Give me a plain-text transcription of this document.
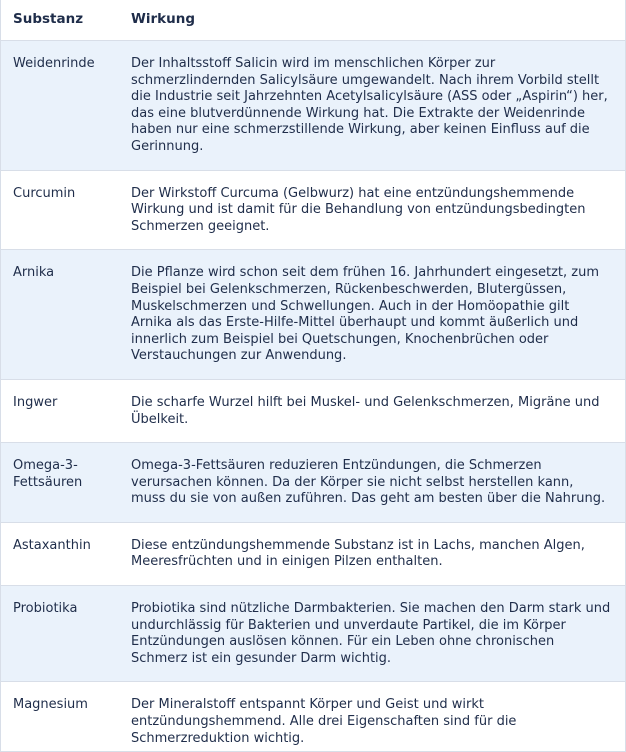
Substanz	Wirkung
Weidenrinde	Der Inhaltsstoff Salicin wird im menschlichen Körper zur schmerzlindernden Salicylsäure umgewandelt. Nach ihrem Vorbild stellt die Industrie seit Jahrzehnten Acetylsalicylsäure (ASS oder „Aspirin“) her, das eine blutverdünnende Wirkung hat. Die Extrakte der Weidenrinde haben nur eine schmerzstillende Wirkung, aber keinen Einfluss auf die Gerinnung.
Curcumin	Der Wirkstoff Curcuma (Gelbwurz) hat eine entzündungshemmende Wirkung und ist damit für die Behandlung von entzündungsbedingten Schmerzen geeignet.
Arnika	Die Pflanze wird schon seit dem frühen 16. Jahrhundert eingesetzt, zum Beispiel bei Gelenkschmerzen, Rückenbeschwerden, Blutergüssen, Muskelschmerzen und Schwellungen. Auch in der Homöopathie gilt Arnika als das Erste-Hilfe-Mittel überhaupt und kommt äußerlich und innerlich zum Beispiel bei Quetschungen, Knochenbrüchen oder Verstauchungen zur Anwendung.
Ingwer	Die scharfe Wurzel hilft bei Muskel- und Gelenkschmerzen, Migräne und Übelkeit.
Omega-3-Fettsäuren	Omega-3-Fettsäuren reduzieren Entzündungen, die Schmerzen verursachen können. Da der Körper sie nicht selbst herstellen kann, muss du sie von außen zuführen. Das geht am besten über die Nahrung.
Astaxanthin	Diese entzündungshemmende Substanz ist in Lachs, manchen Algen, Meeresfrüchten und in einigen Pilzen enthalten.
Probiotika	Probiotika sind nützliche Darmbakterien. Sie machen den Darm stark und undurchlässig für Bakterien und unverdaute Partikel, die im Körper Entzündungen auslösen können. Für ein Leben ohne chronischen Schmerz ist ein gesunder Darm wichtig.
Magnesium	Der Mineralstoff entspannt Körper und Geist und wirkt entzündungshemmend. Alle drei Eigenschaften sind für die Schmerzreduktion wichtig.
